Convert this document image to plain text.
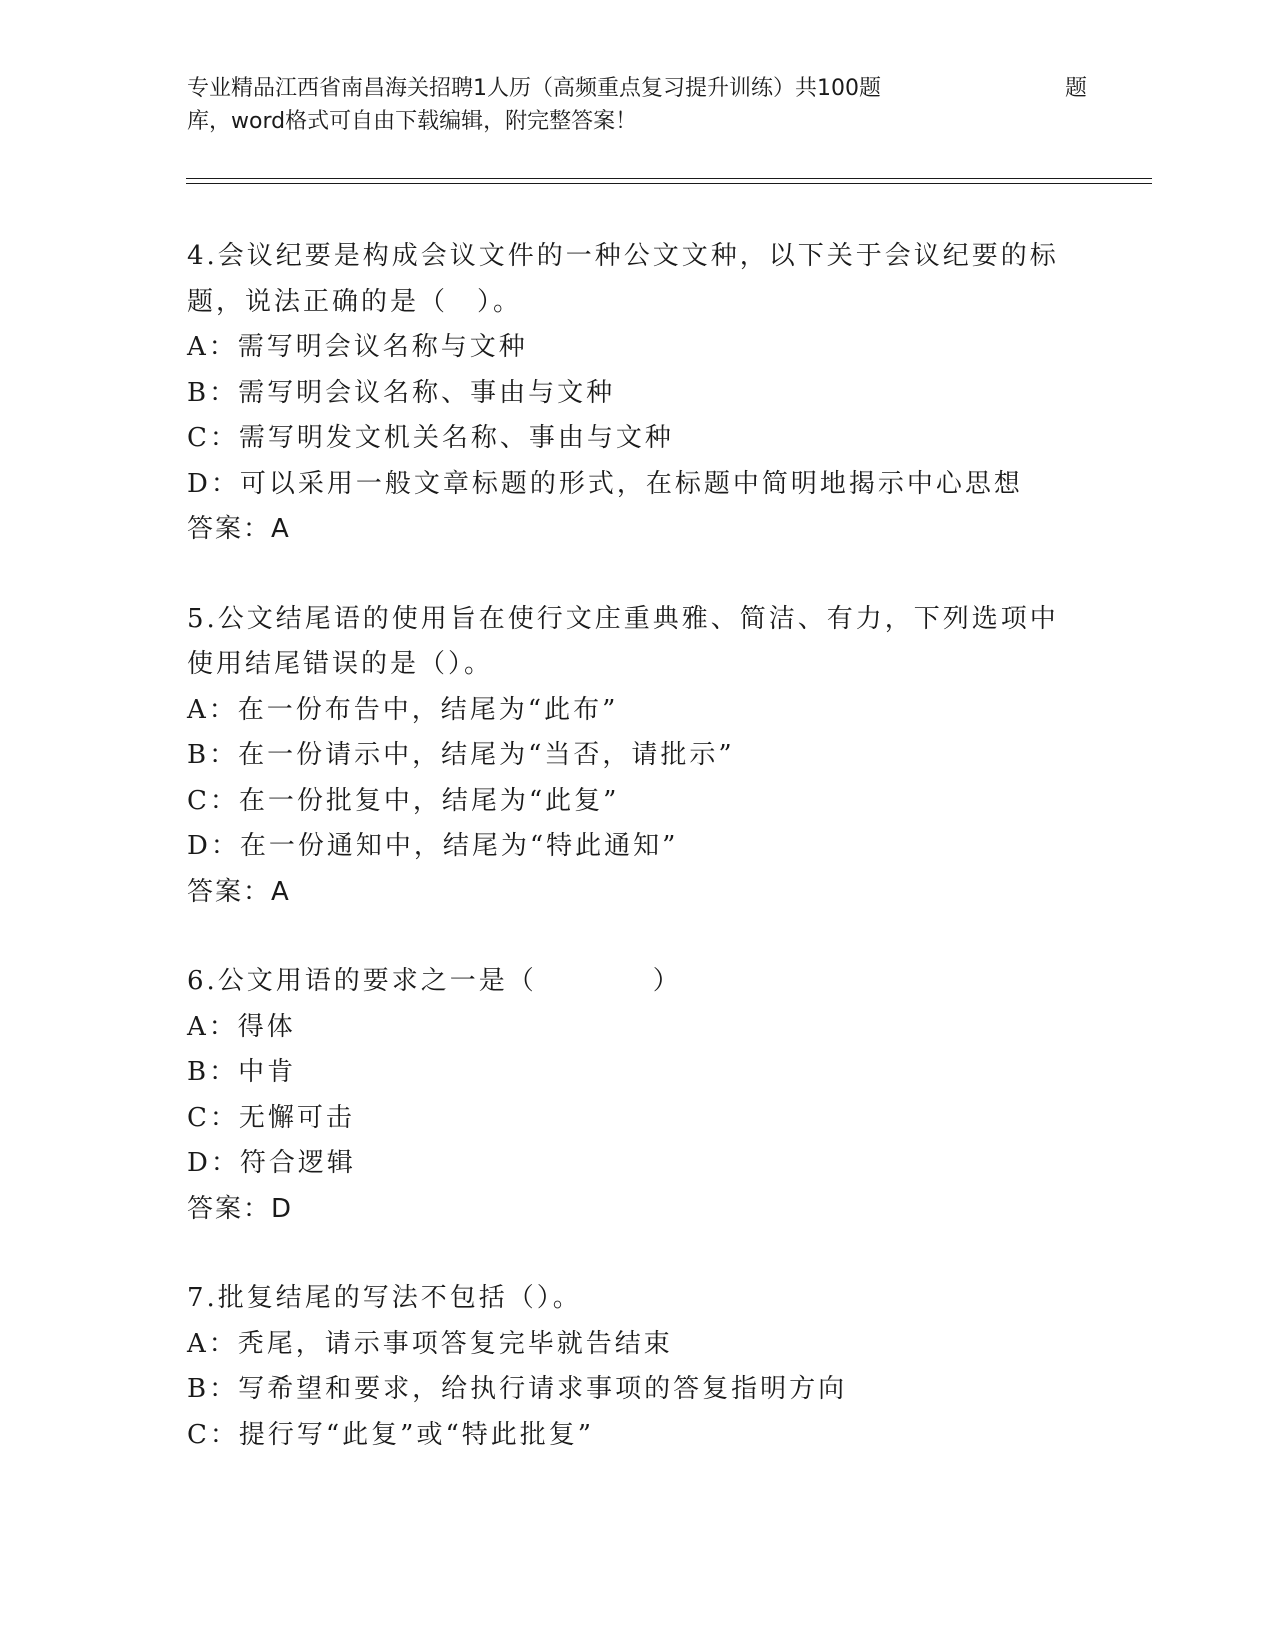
专业精品江西省南昌海关招聘1人历（高频重点复习提升训练）共100题	题
库，word格式可自由下载编辑，附完整答案！
4.会议纪要是构成会议文件的一种公文文种，以下关于会议纪要的标
题，说法正确的是（　）。
A：需写明会议名称与文种
B：需写明会议名称、事由与文种
C：需写明发文机关名称、事由与文种
D：可以采用一般文章标题的形式，在标题中简明地揭示中心思想
答案：A
5.公文结尾语的使用旨在使行文庄重典雅、简洁、有力，下列选项中
使用结尾错误的是（）。
A：在一份布告中，结尾为“此布”
B：在一份请示中，结尾为“当否，请批示”
C：在一份批复中，结尾为“此复”
D：在一份通知中，结尾为“特此通知”
答案：A
6.公文用语的要求之一是（　　　　）
A：得体
B：中肯
C：无懈可击
D：符合逻辑
答案：D
7.批复结尾的写法不包括（）。
A：秃尾，请示事项答复完毕就告结束
B：写希望和要求，给执行请求事项的答复指明方向
C：提行写“此复”或“特此批复”
